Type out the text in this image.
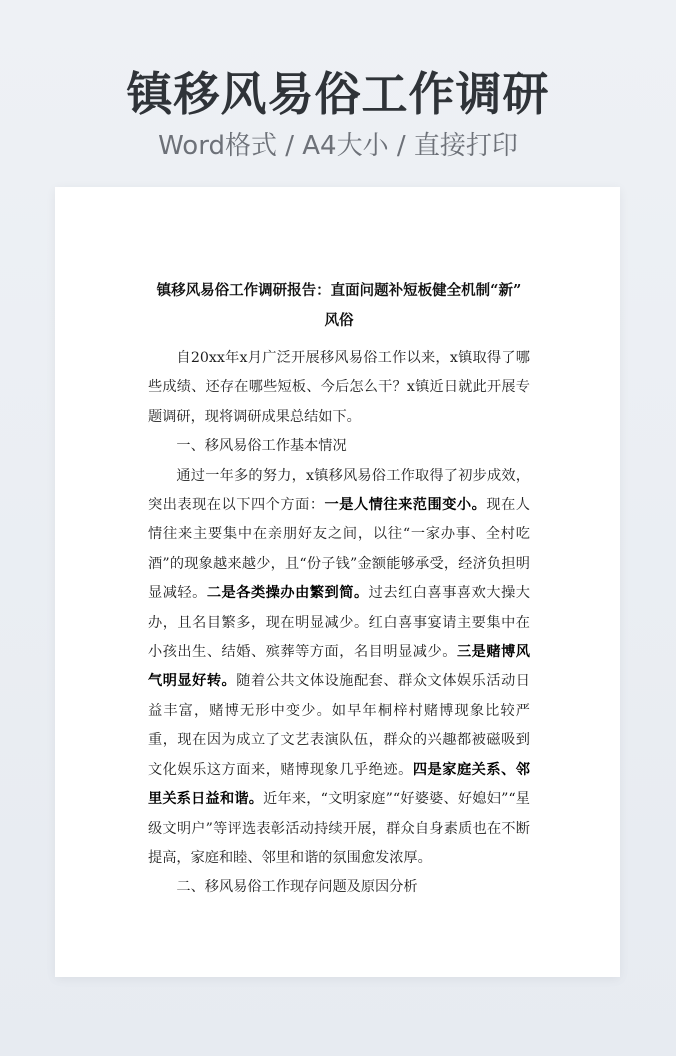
镇移风易俗工作调研
Word格式 / A4大小 / 直接打印
镇移风易俗工作调研报告：直面问题补短板健全机制“新”
风俗

自20xx年x月广泛开展移风易俗工作以来，x镇取得了哪些成绩、还存在哪些短板、今后怎么干？x镇近日就此开展专题调研，现将调研成果总结如下。

一、移风易俗工作基本情况

通过一年多的努力，x镇移风易俗工作取得了初步成效，突出表现在以下四个方面：一是人情往来范围变小。现在人情往来主要集中在亲朋好友之间，以往“一家办事、全村吃酒”的现象越来越少，且“份子钱”金额能够承受，经济负担明显减轻。二是各类操办由繁到简。过去红白喜事喜欢大操大办，且名目繁多，现在明显减少。红白喜事宴请主要集中在小孩出生、结婚、殡葬等方面，名目明显减少。三是赌博风气明显好转。随着公共文体设施配套、群众文体娱乐活动日益丰富，赌博无形中变少。如早年桐梓村赌博现象比较严重，现在因为成立了文艺表演队伍，群众的兴趣都被磁吸到文化娱乐这方面来，赌博现象几乎绝迹。四是家庭关系、邻里关系日益和谐。近年来，“文明家庭”“好婆婆、好媳妇”“星级文明户”等评选表彰活动持续开展，群众自身素质也在不断提高，家庭和睦、邻里和谐的氛围愈发浓厚。

二、移风易俗工作现存问题及原因分析
